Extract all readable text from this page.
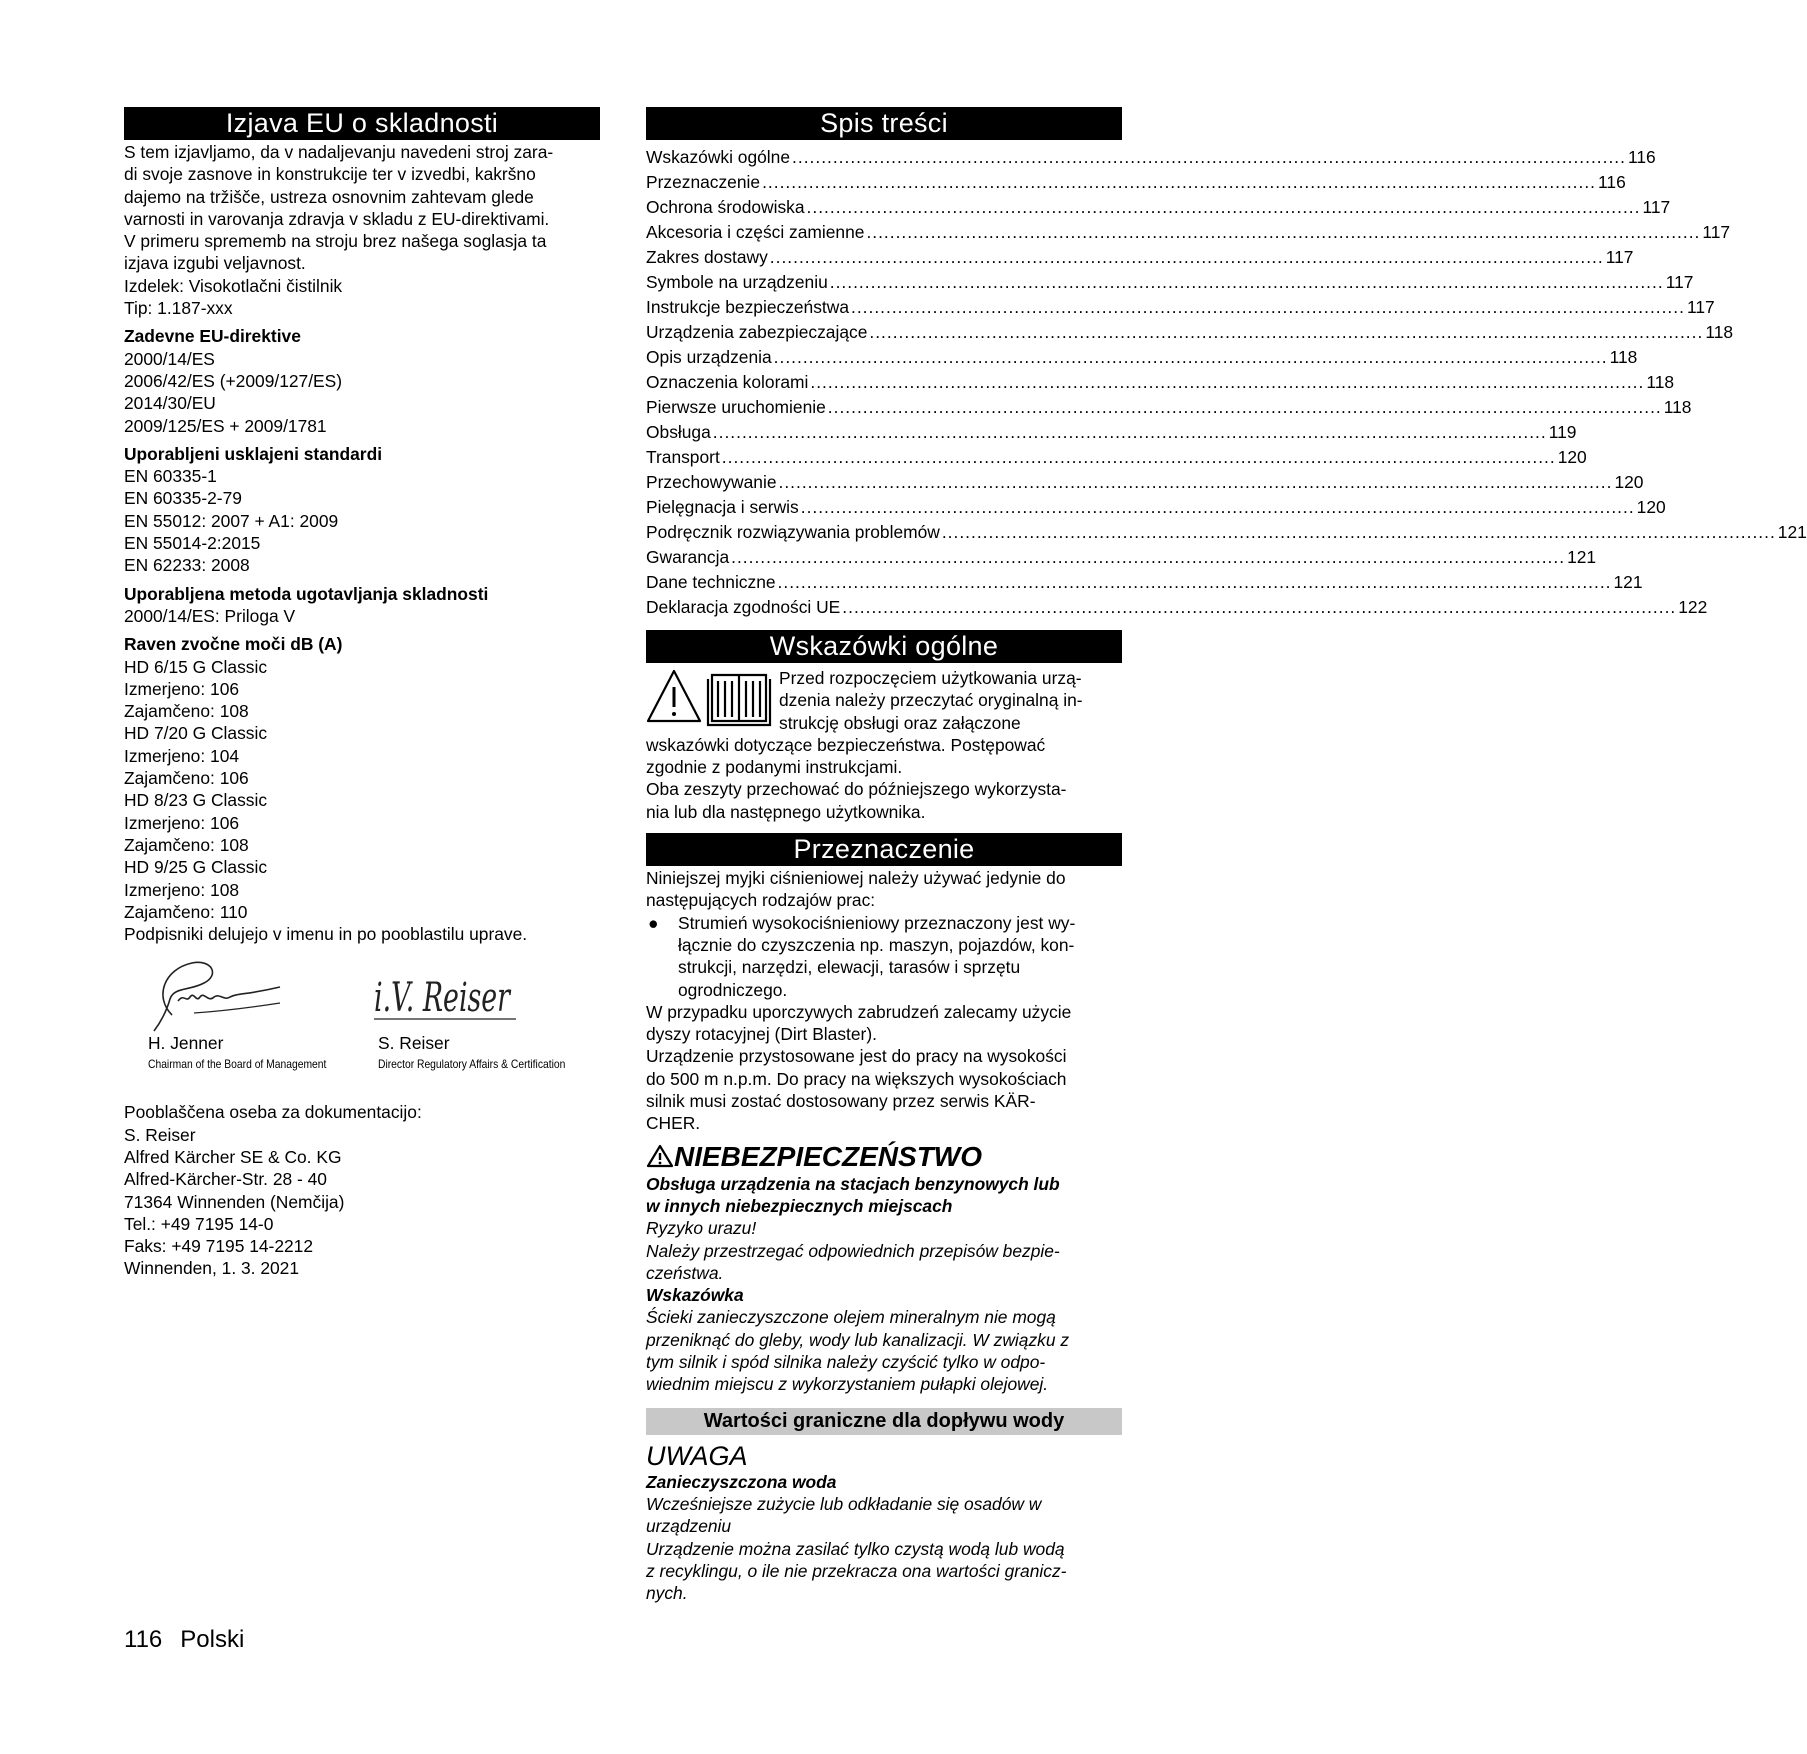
Izjava EU o skladnosti
S tem izjavljamo, da v nadaljevanju navedeni stroj zara-
di svoje zasnove in konstrukcije ter v izvedbi, kakršno
dajemo na tržišče, ustreza osnovnim zahtevam glede
varnosti in varovanja zdravja v skladu z EU-direktivami.
V primeru sprememb na stroju brez našega soglasja ta
izjava izgubi veljavnost.
Izdelek: Visokotlačni čistilnik
Tip: 1.187-xxx
Zadevne EU-direktive
2000/14/ES
2006/42/ES (+2009/127/ES)
2014/30/EU
2009/125/ES + 2009/1781
Uporabljeni usklajeni standardi
EN 60335-1
EN 60335-2-79
EN 55012: 2007 + A1: 2009
EN 55014-2:2015
EN 62233: 2008
Uporabljena metoda ugotavljanja skladnosti
2000/14/ES: Priloga V
Raven zvočne moči dB (A)
HD 6/15 G Classic
Izmerjeno: 106
Zajamčeno: 108
HD 7/20 G Classic
Izmerjeno: 104
Zajamčeno: 106
HD 8/23 G Classic
Izmerjeno: 106
Zajamčeno: 108
HD 9/25 G Classic
Izmerjeno: 108
Zajamčeno: 110
Podpisniki delujejo v imenu in po pooblastilu uprave.
H. Jenner
Chairman of the Board of Management
i.V. Reiser
S. Reiser
Director Regulatory Affairs & Certification
Pooblaščena oseba za dokumentacijo:
S. Reiser
Alfred Kärcher SE & Co. KG
Alfred-Kärcher-Str. 28 - 40
71364 Winnenden (Nemčija)
Tel.: +49 7195 14-0
Faks: +49 7195 14-2212
Winnenden, 1. 3. 2021
Spis treści
Wskazówki ogólne .....	116
Przeznaczenie .....	116
Ochrona środowiska .....	117
Akcesoria i części zamienne .....	117
Zakres dostawy .....	117
Symbole na urządzeniu .....	117
Instrukcje bezpieczeństwa .....	117
Urządzenia zabezpieczające .....	118
Opis urządzenia .....	118
Oznaczenia kolorami .....	118
Pierwsze uruchomienie .....	118
Obsługa .....	119
Transport .....	120
Przechowywanie .....	120
Pielęgnacja i serwis .....	120
Podręcznik rozwiązywania problemów .....	121
Gwarancja .....	121
Dane techniczne .....	121
Deklaracja zgodności UE .....	122
Wskazówki ogólne
Przed rozpoczęciem użytkowania urzą-
dzenia należy przeczytać oryginalną in-
strukcję obsługi oraz załączone
wskazówki dotyczące bezpieczeństwa. Postępować
zgodnie z podanymi instrukcjami.
Oba zeszyty przechować do późniejszego wykorzysta-
nia lub dla następnego użytkownika.
Przeznaczenie
Niniejszej myjki ciśnieniowej należy używać jedynie do
następujących rodzajów prac:
●	Strumień wysokociśnieniowy przeznaczony jest wy-
łącznie do czyszczenia np. maszyn, pojazdów, kon-
strukcji, narzędzi, elewacji, tarasów i sprzętu
ogrodniczego.
W przypadku uporczywych zabrudzeń zalecamy użycie
dyszy rotacyjnej (Dirt Blaster).
Urządzenie przystosowane jest do pracy na wysokości
do 500 m n.p.m. Do pracy na większych wysokościach
silnik musi zostać dostosowany przez serwis KÄR-
CHER.
NIEBEZPIECZEŃSTWO
Obsługa urządzenia na stacjach benzynowych lub
w innych niebezpiecznych miejscach
Ryzyko urazu!
Należy przestrzegać odpowiednich przepisów bezpie-
czeństwa.
Wskazówka
Ścieki zanieczyszczone olejem mineralnym nie mogą
przeniknąć do gleby, wody lub kanalizacji. W związku z
tym silnik i spód silnika należy czyścić tylko w odpo-
wiednim miejscu z wykorzystaniem pułapki olejowej.
Wartości graniczne dla dopływu wody
UWAGA
Zanieczyszczona woda
Wcześniejsze zużycie lub odkładanie się osadów w
urządzeniu
Urządzenie można zasilać tylko czystą wodą lub wodą
z recyklingu, o ile nie przekracza ona wartości granicz-
nych.
116 Polski
